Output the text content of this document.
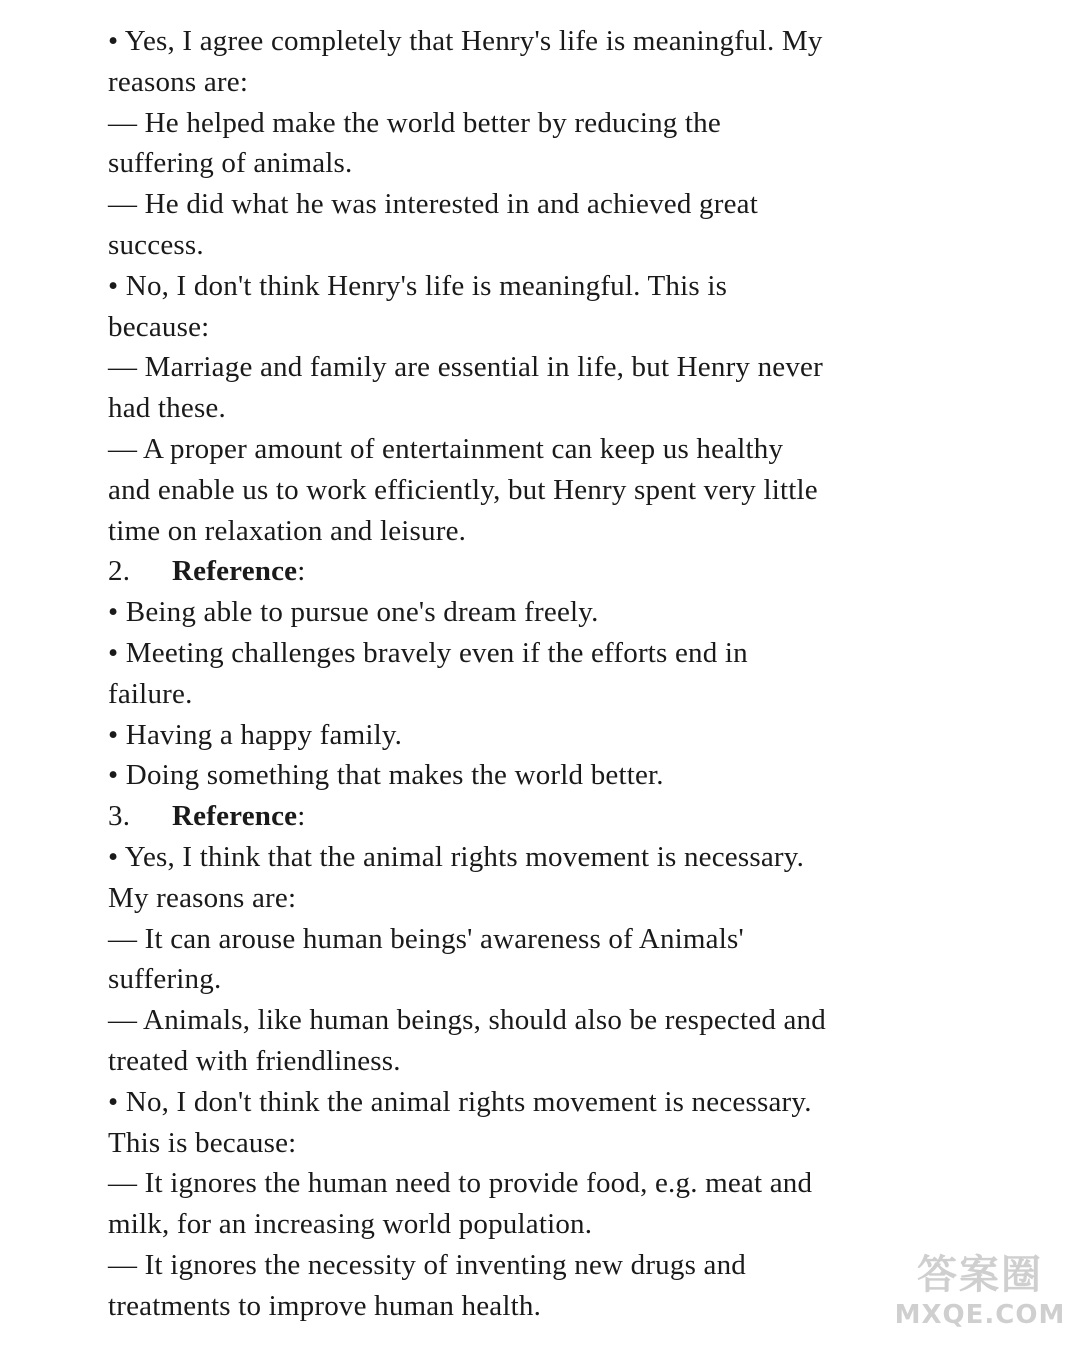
• Yes, I agree completely that Henry's life is meaningful. My
reasons are:
— He helped make the world better by reducing the
suffering of animals.
— He did what he was interested in and achieved great
success.
• No, I don't think Henry's life is meaningful. This is
because:
— Marriage and family are essential in life, but Henry never
had these.
— A proper amount of entertainment can keep us healthy
and enable us to work efficiently, but Henry spent very little
time on relaxation and leisure.
2. Reference:
• Being able to pursue one's dream freely.
• Meeting challenges bravely even if the efforts end in
failure.
• Having a happy family.
• Doing something that makes the world better.
3. Reference:
• Yes, I think that the animal rights movement is necessary.
My reasons are:
— It can arouse human beings' awareness of Animals'
suffering.
— Animals, like human beings, should also be respected and
treated with friendliness.
• No, I don't think the animal rights movement is necessary.
This is because:
— It ignores the human need to provide food, e.g. meat and
milk, for an increasing world population.
— It ignores the necessity of inventing new drugs and
treatments to improve human health.
答案圈
MXQE.COM
